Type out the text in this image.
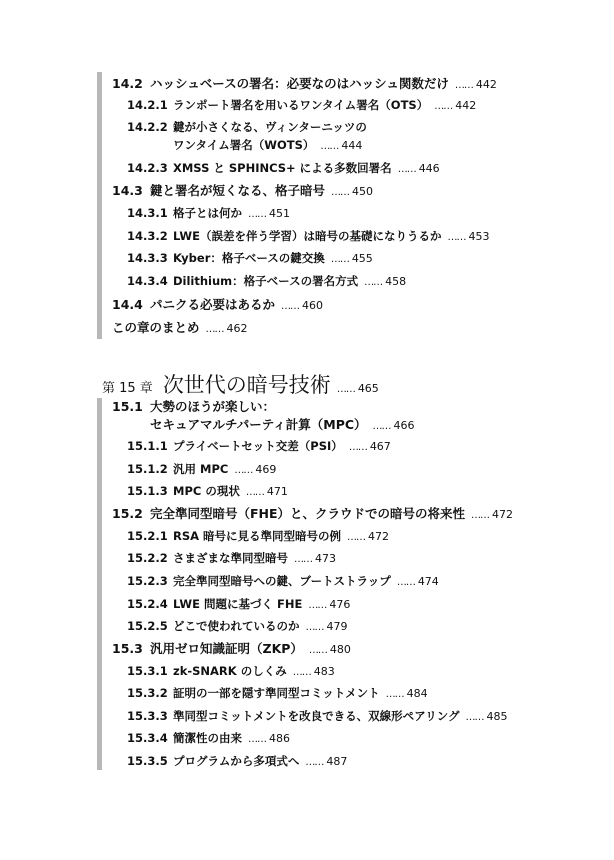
14.2 ハッシュベースの署名：必要なのはハッシュ関数だけ …… 442
14.2.1 ランポート署名を用いるワンタイム署名（OTS） …… 442
14.2.2 鍵が小さくなる、ヴィンターニッツの
ワンタイム署名（WOTS） …… 444
14.2.3 XMSS と SPHINCS+ による多数回署名 …… 446
14.3 鍵と署名が短くなる、格子暗号 …… 450
14.3.1 格子とは何か …… 451
14.3.2 LWE（誤差を伴う学習）は暗号の基礎になりうるか …… 453
14.3.3 Kyber：格子ベースの鍵交換 …… 455
14.3.4 Dilithium：格子ベースの署名方式 …… 458
14.4 パニクる必要はあるか …… 460
この章のまとめ …… 462
第 15 章 次世代の暗号技術 …… 465
15.1 大勢のほうが楽しい：
セキュアマルチパーティ計算（MPC） …… 466
15.1.1 プライベートセット交差（PSI） …… 467
15.1.2 汎用 MPC …… 469
15.1.3 MPC の現状 …… 471
15.2 完全準同型暗号（FHE）と、クラウドでの暗号の将来性 …… 472
15.2.1 RSA 暗号に見る準同型暗号の例 …… 472
15.2.2 さまざまな準同型暗号 …… 473
15.2.3 完全準同型暗号への鍵、ブートストラップ …… 474
15.2.4 LWE 問題に基づく FHE …… 476
15.2.5 どこで使われているのか …… 479
15.3 汎用ゼロ知識証明（ZKP） …… 480
15.3.1 zk-SNARK のしくみ …… 483
15.3.2 証明の一部を隠す準同型コミットメント …… 484
15.3.3 準同型コミットメントを改良できる、双線形ペアリング …… 485
15.3.4 簡潔性の由来 …… 486
15.3.5 プログラムから多項式へ …… 487
